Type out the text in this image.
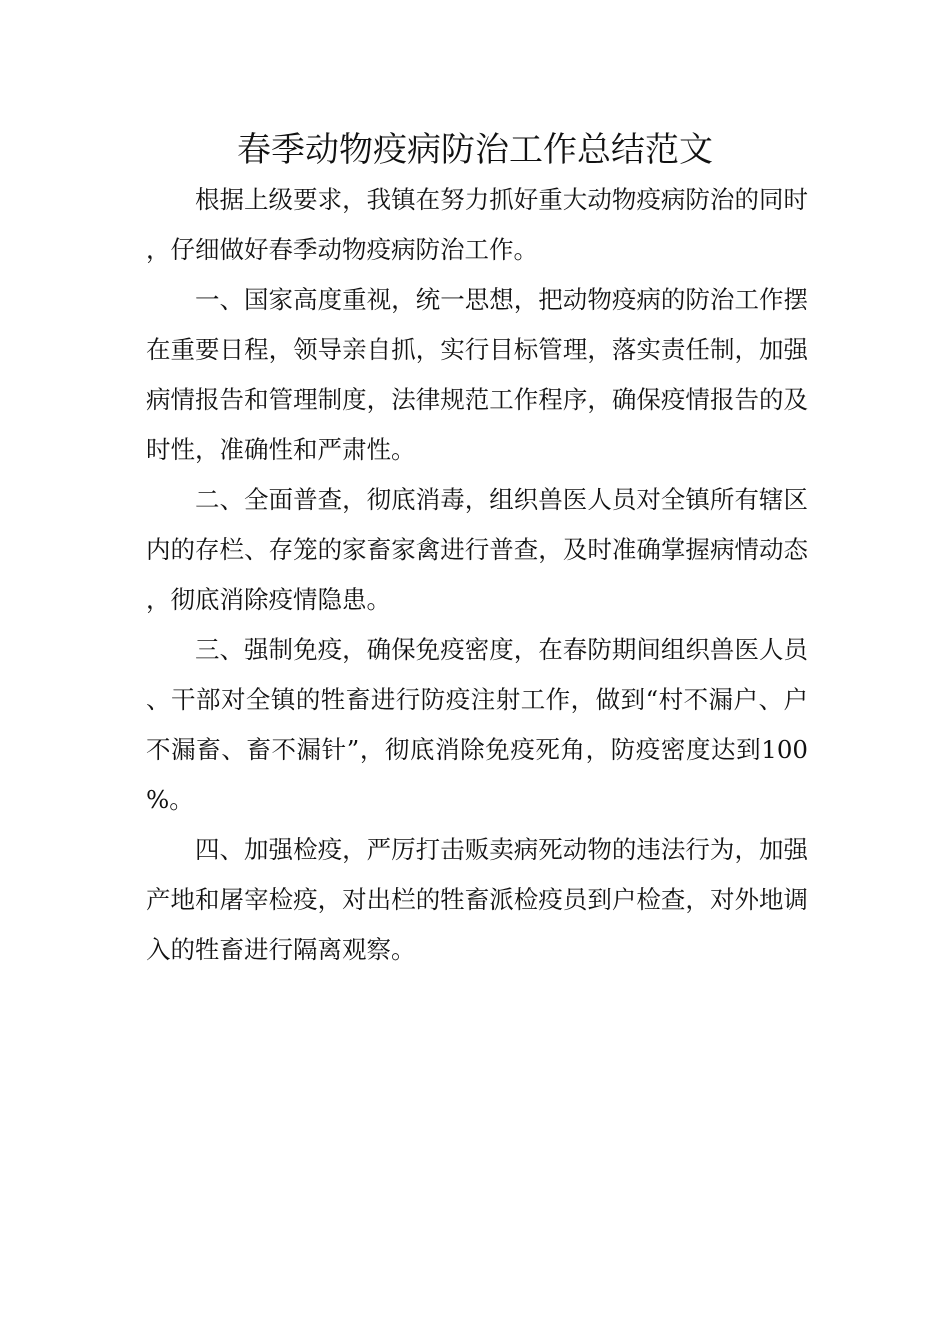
春季动物疫病防治工作总结范文

根据上级要求，我镇在努力抓好重大动物疫病防治的同时，仔细做好春季动物疫病防治工作。

一、国家高度重视，统一思想，把动物疫病的防治工作摆在重要日程，领导亲自抓，实行目标管理，落实责任制，加强病情报告和管理制度，法律规范工作程序，确保疫情报告的及时性，准确性和严肃性。

二、全面普查，彻底消毒，组织兽医人员对全镇所有辖区内的存栏、存笼的家畜家禽进行普查，及时准确掌握病情动态，彻底消除疫情隐患。

三、强制免疫，确保免疫密度，在春防期间组织兽医人员、干部对全镇的牲畜进行防疫注射工作，做到“村不漏户、户不漏畜、畜不漏针”，彻底消除免疫死角，防疫密度达到100%。

四、加强检疫，严厉打击贩卖病死动物的违法行为，加强产地和屠宰检疫，对出栏的牲畜派检疫员到户检查，对外地调入的牲畜进行隔离观察。
